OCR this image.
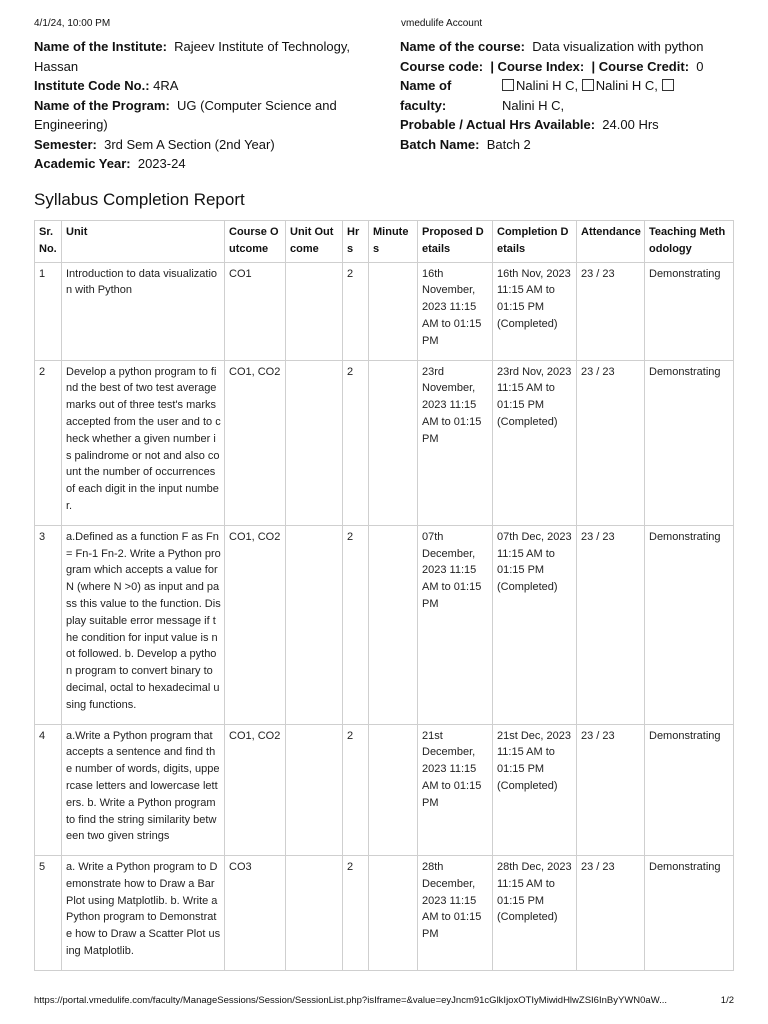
4/1/24, 10:00 PM	vmedulife Account

Name of the Institute: Rajeev Institute of Technology, Hassan

Institute Code No.: 4RA

Name of the Program: UG (Computer Science and Engineering)

Semester: 3rd Sem A Section (2nd Year)

Academic Year: 2023-24

Name of the course: Data visualization with python

Course code: | Course Index: | Course Credit: 0

Name of faculty:
Nalini H C, Nalini H C,
Nalini H C,

Probable / Actual Hrs Available: 24.00 Hrs

Batch Name: Batch 2

Syllabus Completion Report
Sr. No.	Unit	Course Outcome	Unit Outcome	Hrs	Minutes	Proposed Details	Completion Details	Attendance	Teaching Methodology
1	Introduction to data visualization with Python	CO1		2		16th November, 2023 11:15 AM to 01:15 PM	16th Nov, 2023 11:15 AM to 01:15 PM (Completed)	23 / 23	Demonstrating
2	Develop a python program to find the best of two test average marks out of three test's marks accepted from the user and to check whether a given number is palindrome or not and also count the number of occurrences of each digit in the input number.	CO1, CO2		2		23rd November, 2023 11:15 AM to 01:15 PM	23rd Nov, 2023 11:15 AM to 01:15 PM (Completed)	23 / 23	Demonstrating
3	a.Defined as a function F as Fn = Fn-1 Fn-2. Write a Python program which accepts a value for N (where N >0) as input and pass this value to the function. Display suitable error message if the condition for input value is not followed. b. Develop a python program to convert binary to decimal, octal to hexadecimal using functions.	CO1, CO2		2		07th December, 2023 11:15 AM to 01:15 PM	07th Dec, 2023 11:15 AM to 01:15 PM (Completed)	23 / 23	Demonstrating
4	a.Write a Python program that accepts a sentence and find the number of words, digits, uppercase letters and lowercase letters. b. Write a Python program to find the string similarity between two given strings	CO1, CO2		2		21st December, 2023 11:15 AM to 01:15 PM	21st Dec, 2023 11:15 AM to 01:15 PM (Completed)	23 / 23	Demonstrating
5	a. Write a Python program to Demonstrate how to Draw a Bar Plot using Matplotlib. b. Write a Python program to Demonstrate how to Draw a Scatter Plot using Matplotlib.	CO3		2		28th December, 2023 11:15 AM to 01:15 PM	28th Dec, 2023 11:15 AM to 01:15 PM (Completed)	23 / 23	Demonstrating
https://portal.vmedulife.com/faculty/ManageSessions/Session/SessionList.php?isIframe=&value=eyJncm91cGlkIjoxOTIyMiwidHlwZSI6InByYWN0aW...	1/2
